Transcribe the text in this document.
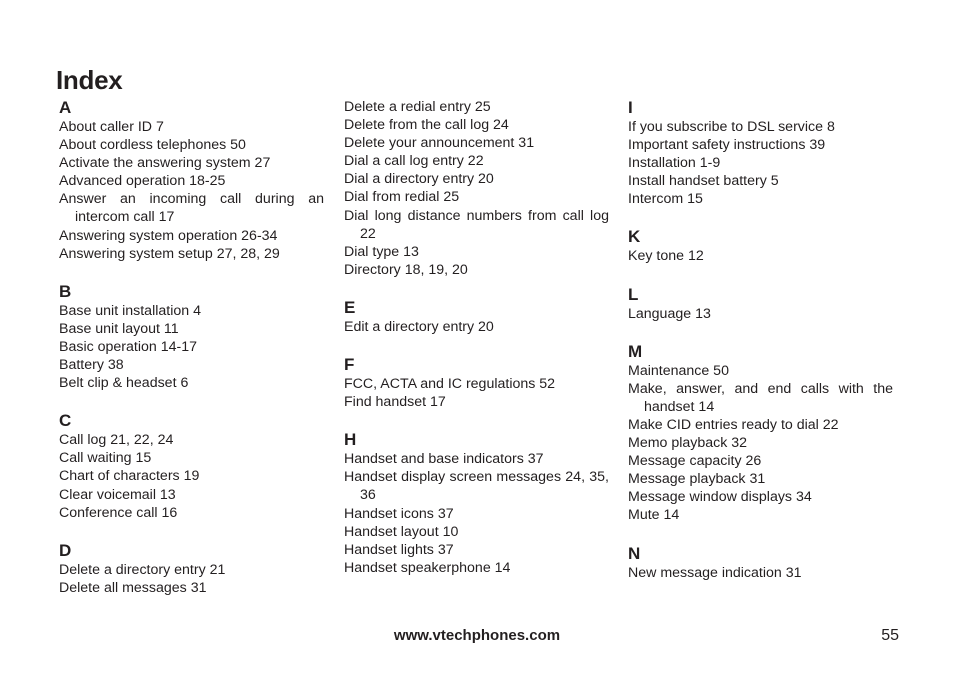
Index
A
About caller ID 7
About cordless telephones 50
Activate the answering system 27
Advanced operation 18-25
Answer an incoming call during an intercom call 17
Answering system operation 26-34
Answering system setup 27, 28, 29
B
Base unit installation 4
Base unit layout 11
Basic operation 14-17
Battery 38
Belt clip & headset 6
C
Call log 21, 22, 24
Call waiting 15
Chart of characters 19
Clear voicemail 13
Conference call 16
D
Delete a directory entry 21
Delete all messages 31
Delete a redial entry 25
Delete from the call log 24
Delete your announcement 31
Dial a call log entry 22
Dial a directory entry 20
Dial from redial 25
Dial long distance numbers from call log 22
Dial type 13
Directory 18, 19, 20
E
Edit a directory entry 20
F
FCC, ACTA and IC regulations 52
Find handset 17
H
Handset and base indicators 37
Handset display screen messages 24, 35, 36
Handset icons 37
Handset layout 10
Handset lights 37
Handset speakerphone 14
I
If you subscribe to DSL service 8
Important safety instructions 39
Installation 1-9
Install handset battery 5
Intercom 15
K
Key tone 12
L
Language 13
M
Maintenance 50
Make, answer, and end calls with the handset 14
Make CID entries ready to dial 22
Memo playback 32
Message capacity 26
Message playback 31
Message window displays 34
Mute 14
N
New message indication 31
www.vtechphones.com	55
